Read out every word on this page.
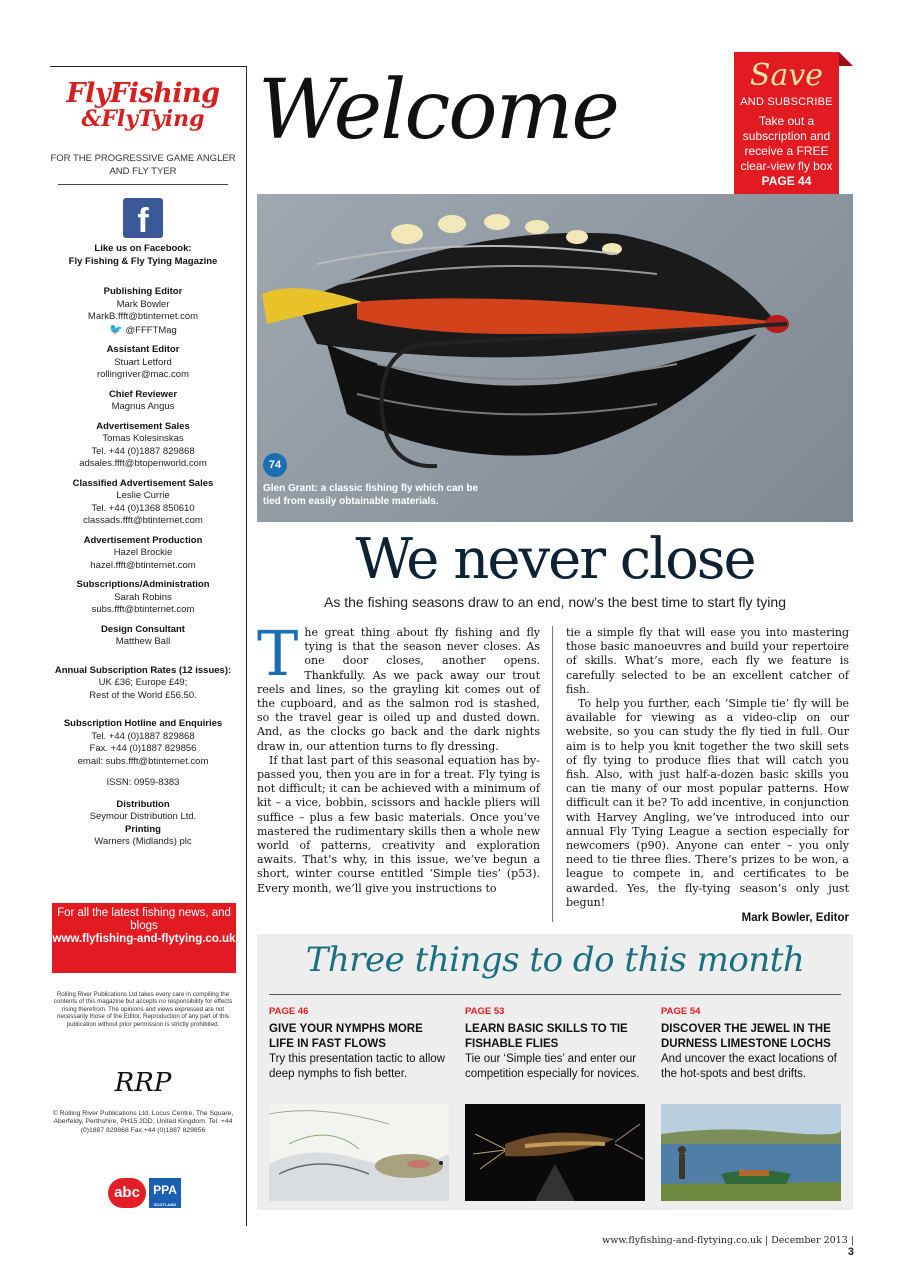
FlyFishing
&FlyTying
FOR THE PROGRESSIVE GAME ANGLER AND FLY TYER
f
Like us on Facebook:
Fly Fishing & Fly Tying Magazine
Publishing Editor
Mark Bowler
MarkB.ffft@btinternet.com
🐦 @FFFTMag
Assistant Editor
Stuart Letford
rollingriver@mac.com
Chief Reviewer
Magnus Angus
Advertisement Sales
Tomas Kolesinskas
Tel. +44 (0)1887 829868
adsales.ffft@btopenworld.com
Classified Advertisement Sales
Leslie Currie
Tel. +44 (0)1368 850610
classads.ffft@btinternet.com
Advertisement Production
Hazel Brockie
hazel.ffft@btinternet.com
Subscriptions/Administration
Sarah Robins
subs.ffft@btinternet.com
Design Consultant
Matthew Ball
Annual Subscription Rates (12 issues):
UK £36; Europe £49;
Rest of the World £56.50.
Subscription Hotline and Enquiries
Tel. +44 (0)1887 829868
Fax. +44 (0)1887 829856
email: subs.ffft@btinternet.com
ISSN: 0959-8383
Distribution
Seymour Distribution Ltd.
Printing
Warners (Midlands) plc
For all the latest fishing news, and blogs
www.flyfishing-and-flytying.co.uk
Rolling River Publications Ltd takes every care in compiling the contents of this magazine but accepts no responsibility for effects rising therefrom. The opinions and views expressed are not necessarily those of the Editor. Reproduction of any part of this publication without prior permission is strictly prohibited.
RRP
© Rolling River Publications Ltd, Locus Centre, The Square, Aberfeldy, Perthshire, PH15 2DD, United Kingdom. Tel. +44 (0)1887 829868 Fax +44 (0)1887 829856
abc	PPA
SCOTLAND
Welcome	Save
AND SUBSCRIBE
Take out a subscription and receive a FREE clear-view fly box
PAGE 44
74
Glen Grant: a classic fishing fly which can be tied from easily obtainable materials.
We never close
As the fishing seasons draw to an end, now’s the best time to start fly tying

The great thing about fly fishing and fly tying is that the season never closes. As one door closes, another opens. Thankfully. As we pack away our trout reels and lines, so the grayling kit comes out of the cupboard, and as the salmon rod is stashed, so the travel gear is oiled up and dusted down. And, as the clocks go back and the dark nights draw in, our attention turns to fly dressing.

If that last part of this seasonal equation has by-passed you, then you are in for a treat. Fly tying is not difficult; it can be achieved with a minimum of kit – a vice, bobbin, scissors and hackle pliers will suffice – plus a few basic materials. Once you’ve mastered the rudimentary skills then a whole new world of patterns, creativity and exploration awaits. That’s why, in this issue, we’ve begun a short, winter course entitled ‘Simple ties’ (p53). Every month, we’ll give you instructions to

tie a simple fly that will ease you into mastering those basic manoeuvres and build your repertoire of skills. What’s more, each fly we feature is carefully selected to be an excellent catcher of fish.

To help you further, each ‘Simple tie’ fly will be available for viewing as a video-clip on our website, so you can study the fly tied in full. Our aim is to help you knit together the two skill sets of fly tying to produce flies that will catch you fish. Also, with just half-a-dozen basic skills you can tie many of our most popular patterns. How difficult can it be? To add incentive, in conjunction with Harvey Angling, we’ve introduced into our annual Fly Tying League a section especially for newcomers (p90). Anyone can enter – you only need to tie three flies. There’s prizes to be won, a league to compete in, and certificates to be awarded. Yes, the fly-tying season’s only just begun!

Mark Bowler, Editor

Three things to do this month
PAGE 46
GIVE YOUR NYMPHS MORE LIFE IN FAST FLOWS
Try this presentation tactic to allow deep nymphs to fish better.
PAGE 53
LEARN BASIC SKILLS TO TIE FISHABLE FLIES
Tie our ‘Simple ties’ and enter our competition especially for novices.
PAGE 54
DISCOVER THE JEWEL IN THE DURNESS LIMESTONE LOCHS
And uncover the exact locations of the hot-spots and best drifts.
www.flyfishing-and-flytying.co.uk | December 2013 | 3
